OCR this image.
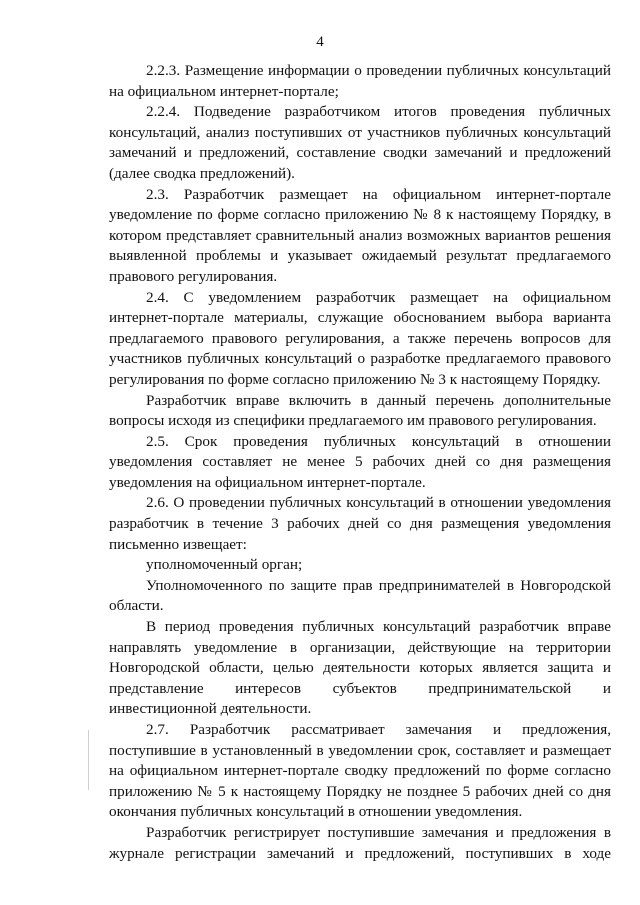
4

2.2.3. Размещение информации о проведении публичных консультаций на официальном интернет-портале;

2.2.4. Подведение разработчиком итогов проведения публичных консультаций, анализ поступивших от участников публичных консультаций замечаний и предложений, составление сводки замечаний и предложений (далее сводка предложений).

2.3. Разработчик размещает на официальном интернет-портале уведомление по форме согласно приложению № 8 к настоящему Порядку, в котором представляет сравнительный анализ возможных вариантов решения выявленной проблемы и указывает ожидаемый результат предлагаемого правового регулирования.

2.4. С уведомлением разработчик размещает на официальном интернет-портале материалы, служащие обоснованием выбора варианта предлагаемого правового регулирования, а также перечень вопросов для участников публичных консультаций о разработке предлагаемого правового регулирования по форме согласно приложению № 3 к настоящему Порядку.

Разработчик вправе включить в данный перечень дополнительные вопросы исходя из специфики предлагаемого им правового регулирования.

2.5. Срок проведения публичных консультаций в отношении уведомления составляет не менее 5 рабочих дней со дня размещения уведомления на официальном интернет-портале.

2.6. О проведении публичных консультаций в отношении уведомления разработчик в течение 3 рабочих дней со дня размещения уведомления письменно извещает:

уполномоченный орган;

Уполномоченного по защите прав предпринимателей в Новгородской области.

В период проведения публичных консультаций разработчик вправе направлять уведомление в организации, действующие на территории Новгородской области, целью деятельности которых является защита и представление интересов субъектов предпринимательской и инвестиционной деятельности.

2.7. Разработчик рассматривает замечания и предложения, поступившие в установленный в уведомлении срок, составляет и размещает на официальном интернет-портале сводку предложений по форме согласно приложению № 5 к настоящему Порядку не позднее 5 рабочих дней со дня окончания публичных консультаций в отношении уведомления.

Разработчик регистрирует поступившие замечания и предложения в журнале регистрации замечаний и предложений, поступивших в ходе
